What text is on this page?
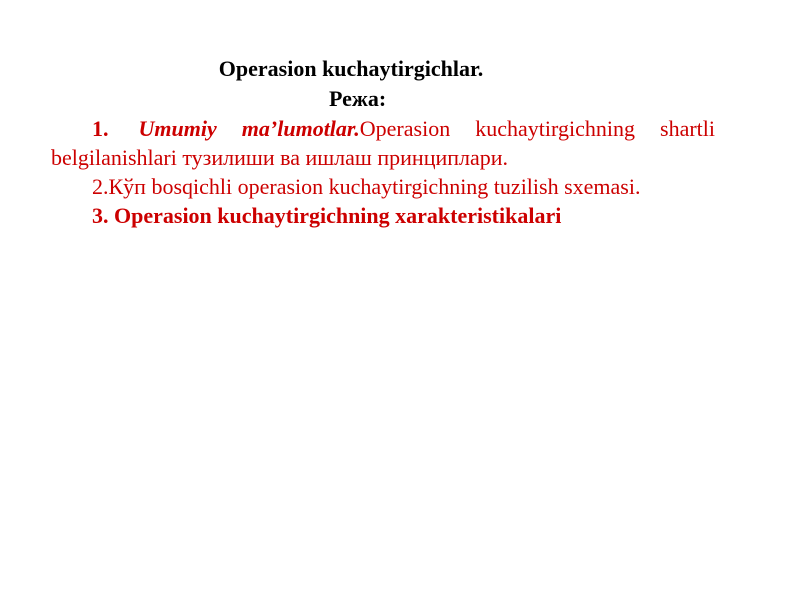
Operasion kuchaytirgichlar.
Режа:

1. Umumiy ma’lumotlar.Operasion kuchaytirgichning shartli belgilanishlari тузилиши ва ишлаш принциплари.

2.Кўп bosqichli operasion kuchaytirgichning tuzilish sxemasi.

3. Operasion kuchaytirgichning xarakteristikalari
